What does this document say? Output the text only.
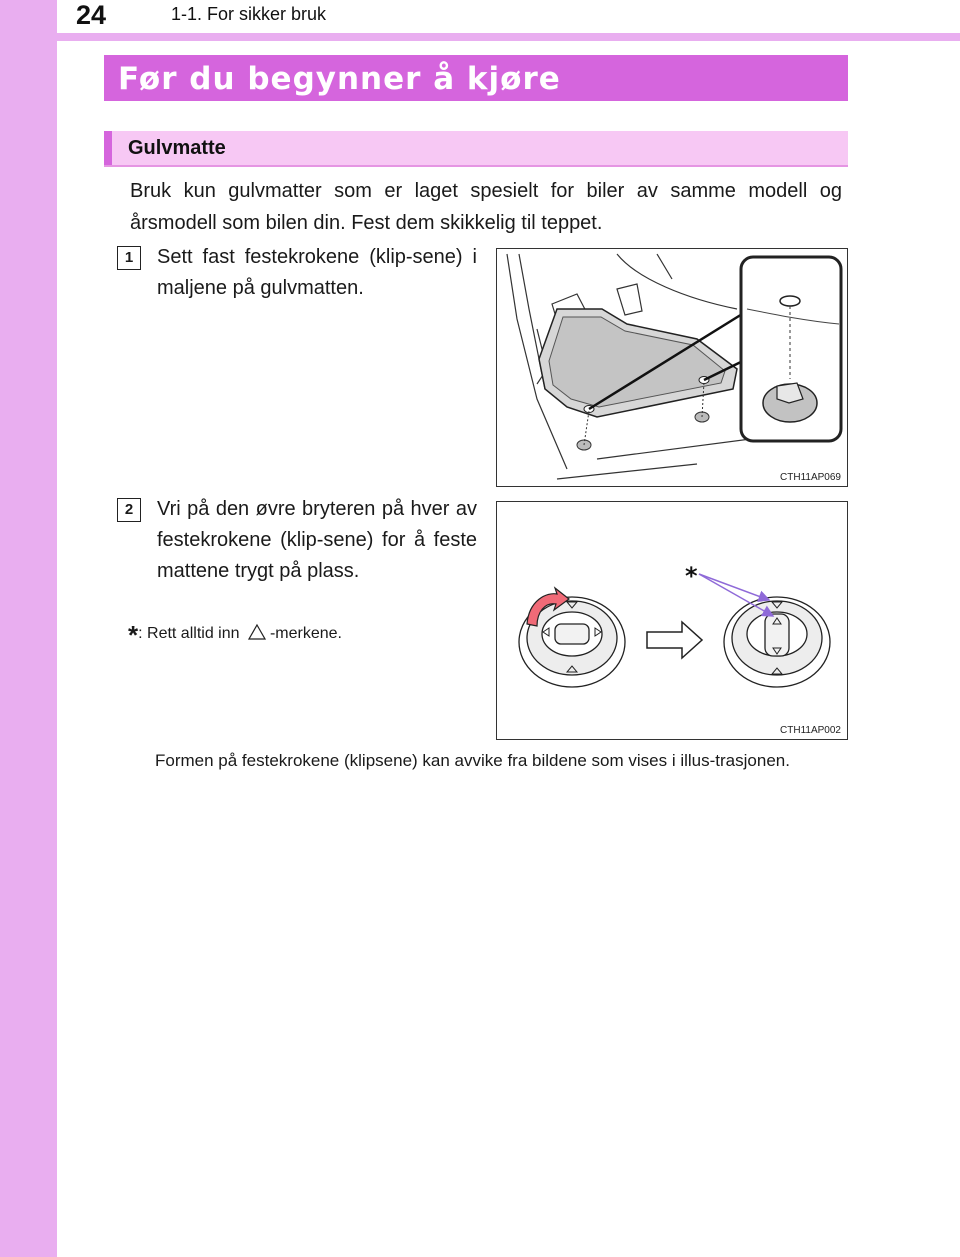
24	1-1. For sikker bruk
Før du begynner å kjøre
Gulvmatte
Bruk kun gulvmatter som er laget spesielt for biler av samme modell og årsmodell som bilen din. Fest dem skikkelig til teppet.
1	Sett fast festekrokene (klip-sene) i maljene på gulvmatten.
CTH11AP069
2	Vri på den øvre bryteren på hver av festekrokene (klip-sene) for å feste mattene trygt på plass.	*
CTH11AP002
*: Rett alltid inn -merkene.
Formen på festekrokene (klipsene) kan avvike fra bildene som vises i illus-trasjonen.
